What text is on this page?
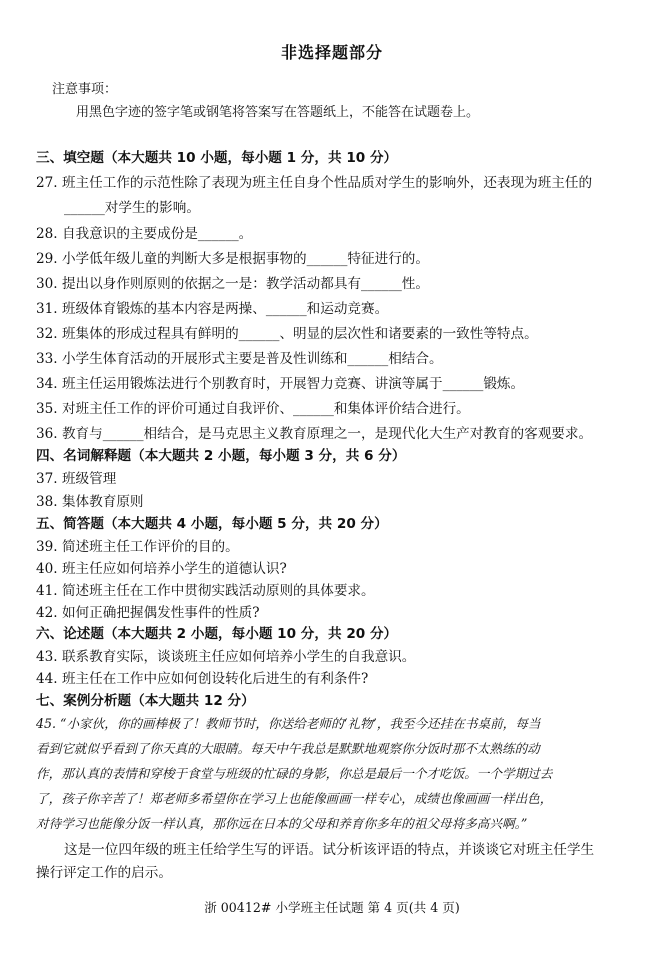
非选择题部分
注意事项：
用黑色字迹的签字笔或钢笔将答案写在答题纸上，不能答在试题卷上。
三、填空题（本大题共 10 小题，每小题 1 分，共 10 分）
27. 班主任工作的示范性除了表现为班主任自身个性品质对学生的影响外，还表现为班主任的
______对学生的影响。
28. 自我意识的主要成份是______。
29. 小学低年级儿童的判断大多是根据事物的______特征进行的。
30. 提出以身作则原则的依据之一是：教学活动都具有______性。
31. 班级体育锻炼的基本内容是两操、______和运动竞赛。
32. 班集体的形成过程具有鲜明的______、明显的层次性和诸要素的一致性等特点。
33. 小学生体育活动的开展形式主要是普及性训练和______相结合。
34. 班主任运用锻炼法进行个别教育时，开展智力竞赛、讲演等属于______锻炼。
35. 对班主任工作的评价可通过自我评价、______和集体评价结合进行。
36. 教育与______相结合，是马克思主义教育原理之一，是现代化大生产对教育的客观要求。
四、名词解释题（本大题共 2 小题，每小题 3 分，共 6 分）
37. 班级管理
38. 集体教育原则
五、简答题（本大题共 4 小题，每小题 5 分，共 20 分）
39. 简述班主任工作评价的目的。
40. 班主任应如何培养小学生的道德认识?
41. 简述班主任在工作中贯彻实践活动原则的具体要求。
42. 如何正确把握偶发性事件的性质?
六、论述题（本大题共 2 小题，每小题 10 分，共 20 分）
43. 联系教育实际，谈谈班主任应如何培养小学生的自我意识。
44. 班主任在工作中应如何创设转化后进生的有利条件?
七、案例分析题（本大题共 12 分）
45. “小家伙，你的画棒极了！教师节时，你送给老师的‘礼物’，我至今还挂在书桌前，每当
看到它就似乎看到了你天真的大眼睛。每天中午我总是默默地观察你分饭时那不太熟练的动
作，那认真的表情和穿梭于食堂与班级的忙碌的身影，你总是最后一个才吃饭。一个学期过去
了，孩子你辛苦了！郑老师多希望你在学习上也能像画画一样专心，成绩也像画画一样出色，
对待学习也能像分饭一样认真，那你远在日本的父母和养育你多年的祖父母将多高兴啊。”
这是一位四年级的班主任给学生写的评语。试分析该评语的特点，并谈谈它对班主任学生
操行评定工作的启示。
浙 00412# 小学班主任试题 第 4 页(共 4 页)
